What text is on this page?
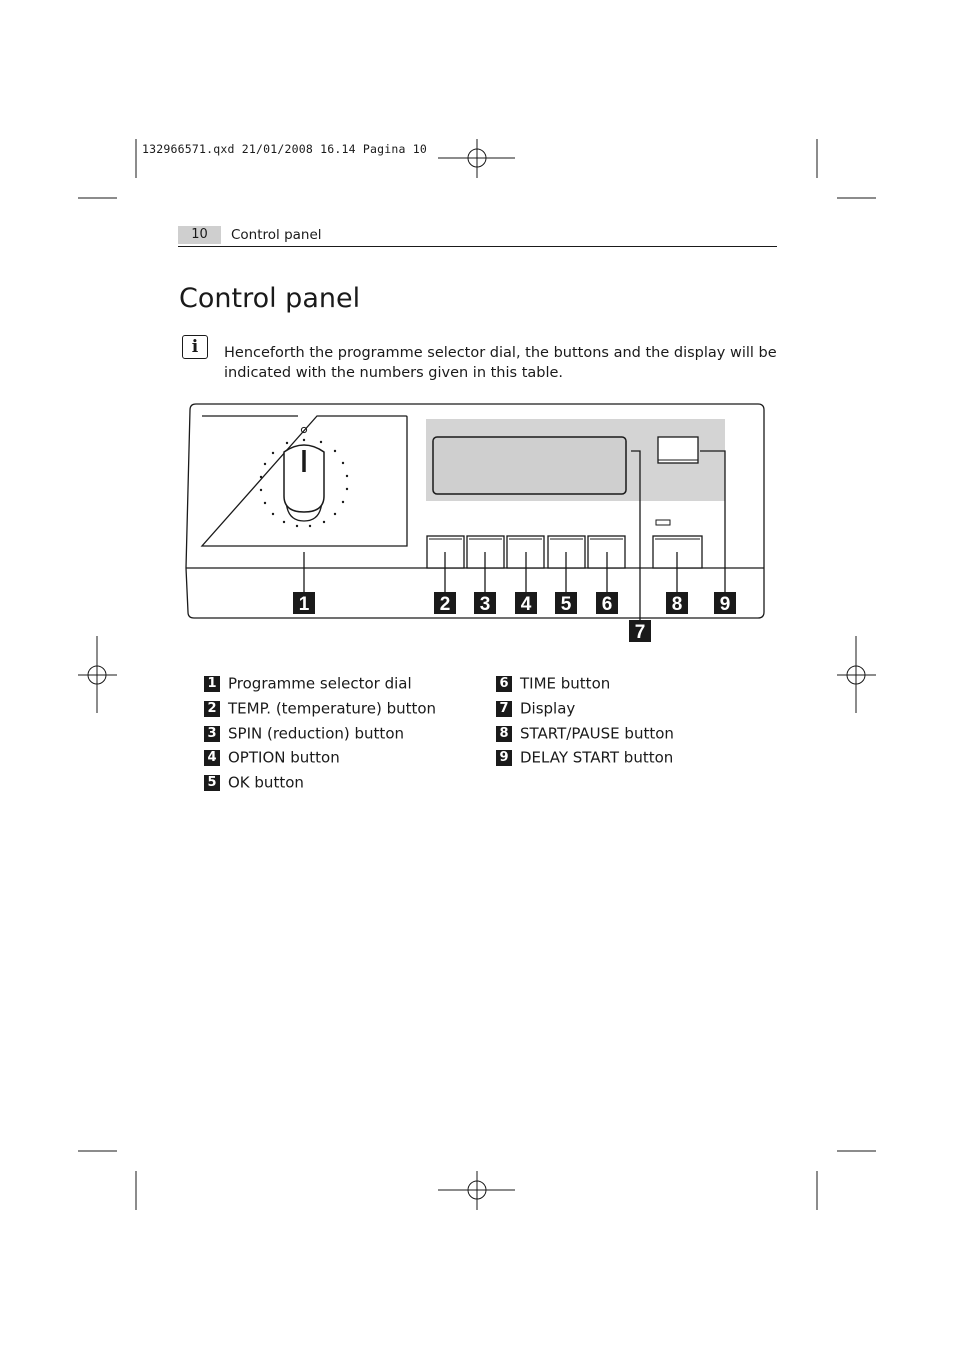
132966571.qxd 21/01/2008 16.14 Pagina 10
10	Control panel
Control panel
i	Henceforth the programme selector dial, the buttons and the display will be indicated with the numbers given in this table.

1	2 3 4 5 6
7
8 9
1 Programme selector dial
2 TEMP. (temperature) button
3 SPIN (reduction) button
4 OPTION button
5 OK button
6 TIME button
7 Display
8 START/PAUSE button
9 DELAY START button
